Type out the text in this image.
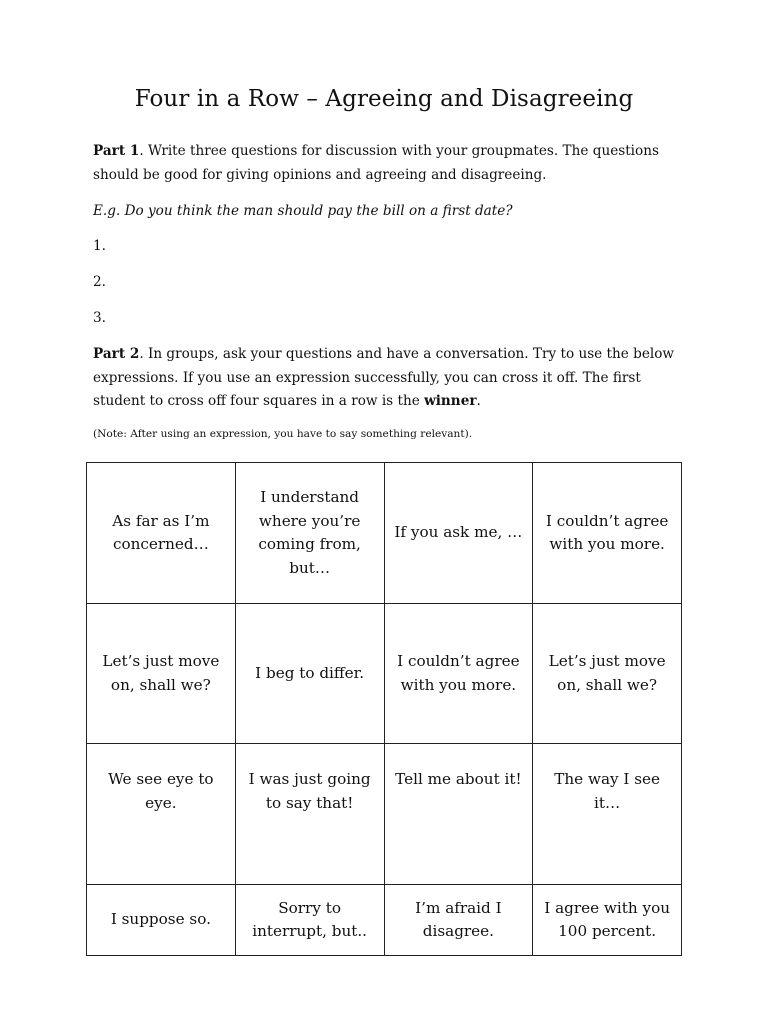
Four in a Row – Agreeing and Disagreeing

Part 1. Write three questions for discussion with your groupmates. The questions should be good for giving opinions and agreeing and disagreeing.

E.g. Do you think the man should pay the bill on a first date?

1.

2.

3.

Part 2. In groups, ask your questions and have a conversation. Try to use the below expressions. If you use an expression successfully, you can cross it off. The first student to cross off four squares in a row is the winner.

(Note: After using an expression, you have to say something relevant).

As far as I’m concerned…	I understand where you’re coming from, but…	If you ask me, …	I couldn’t agree with you more.
Let’s just move on, shall we?	I beg to differ.	I couldn’t agree with you more.	Let’s just move on, shall we?
We see eye to eye.	I was just going to say that!	Tell me about it!	The way I see it…
I suppose so.	Sorry to interrupt, but..	I’m afraid I disagree.	I agree with you 100 percent.
